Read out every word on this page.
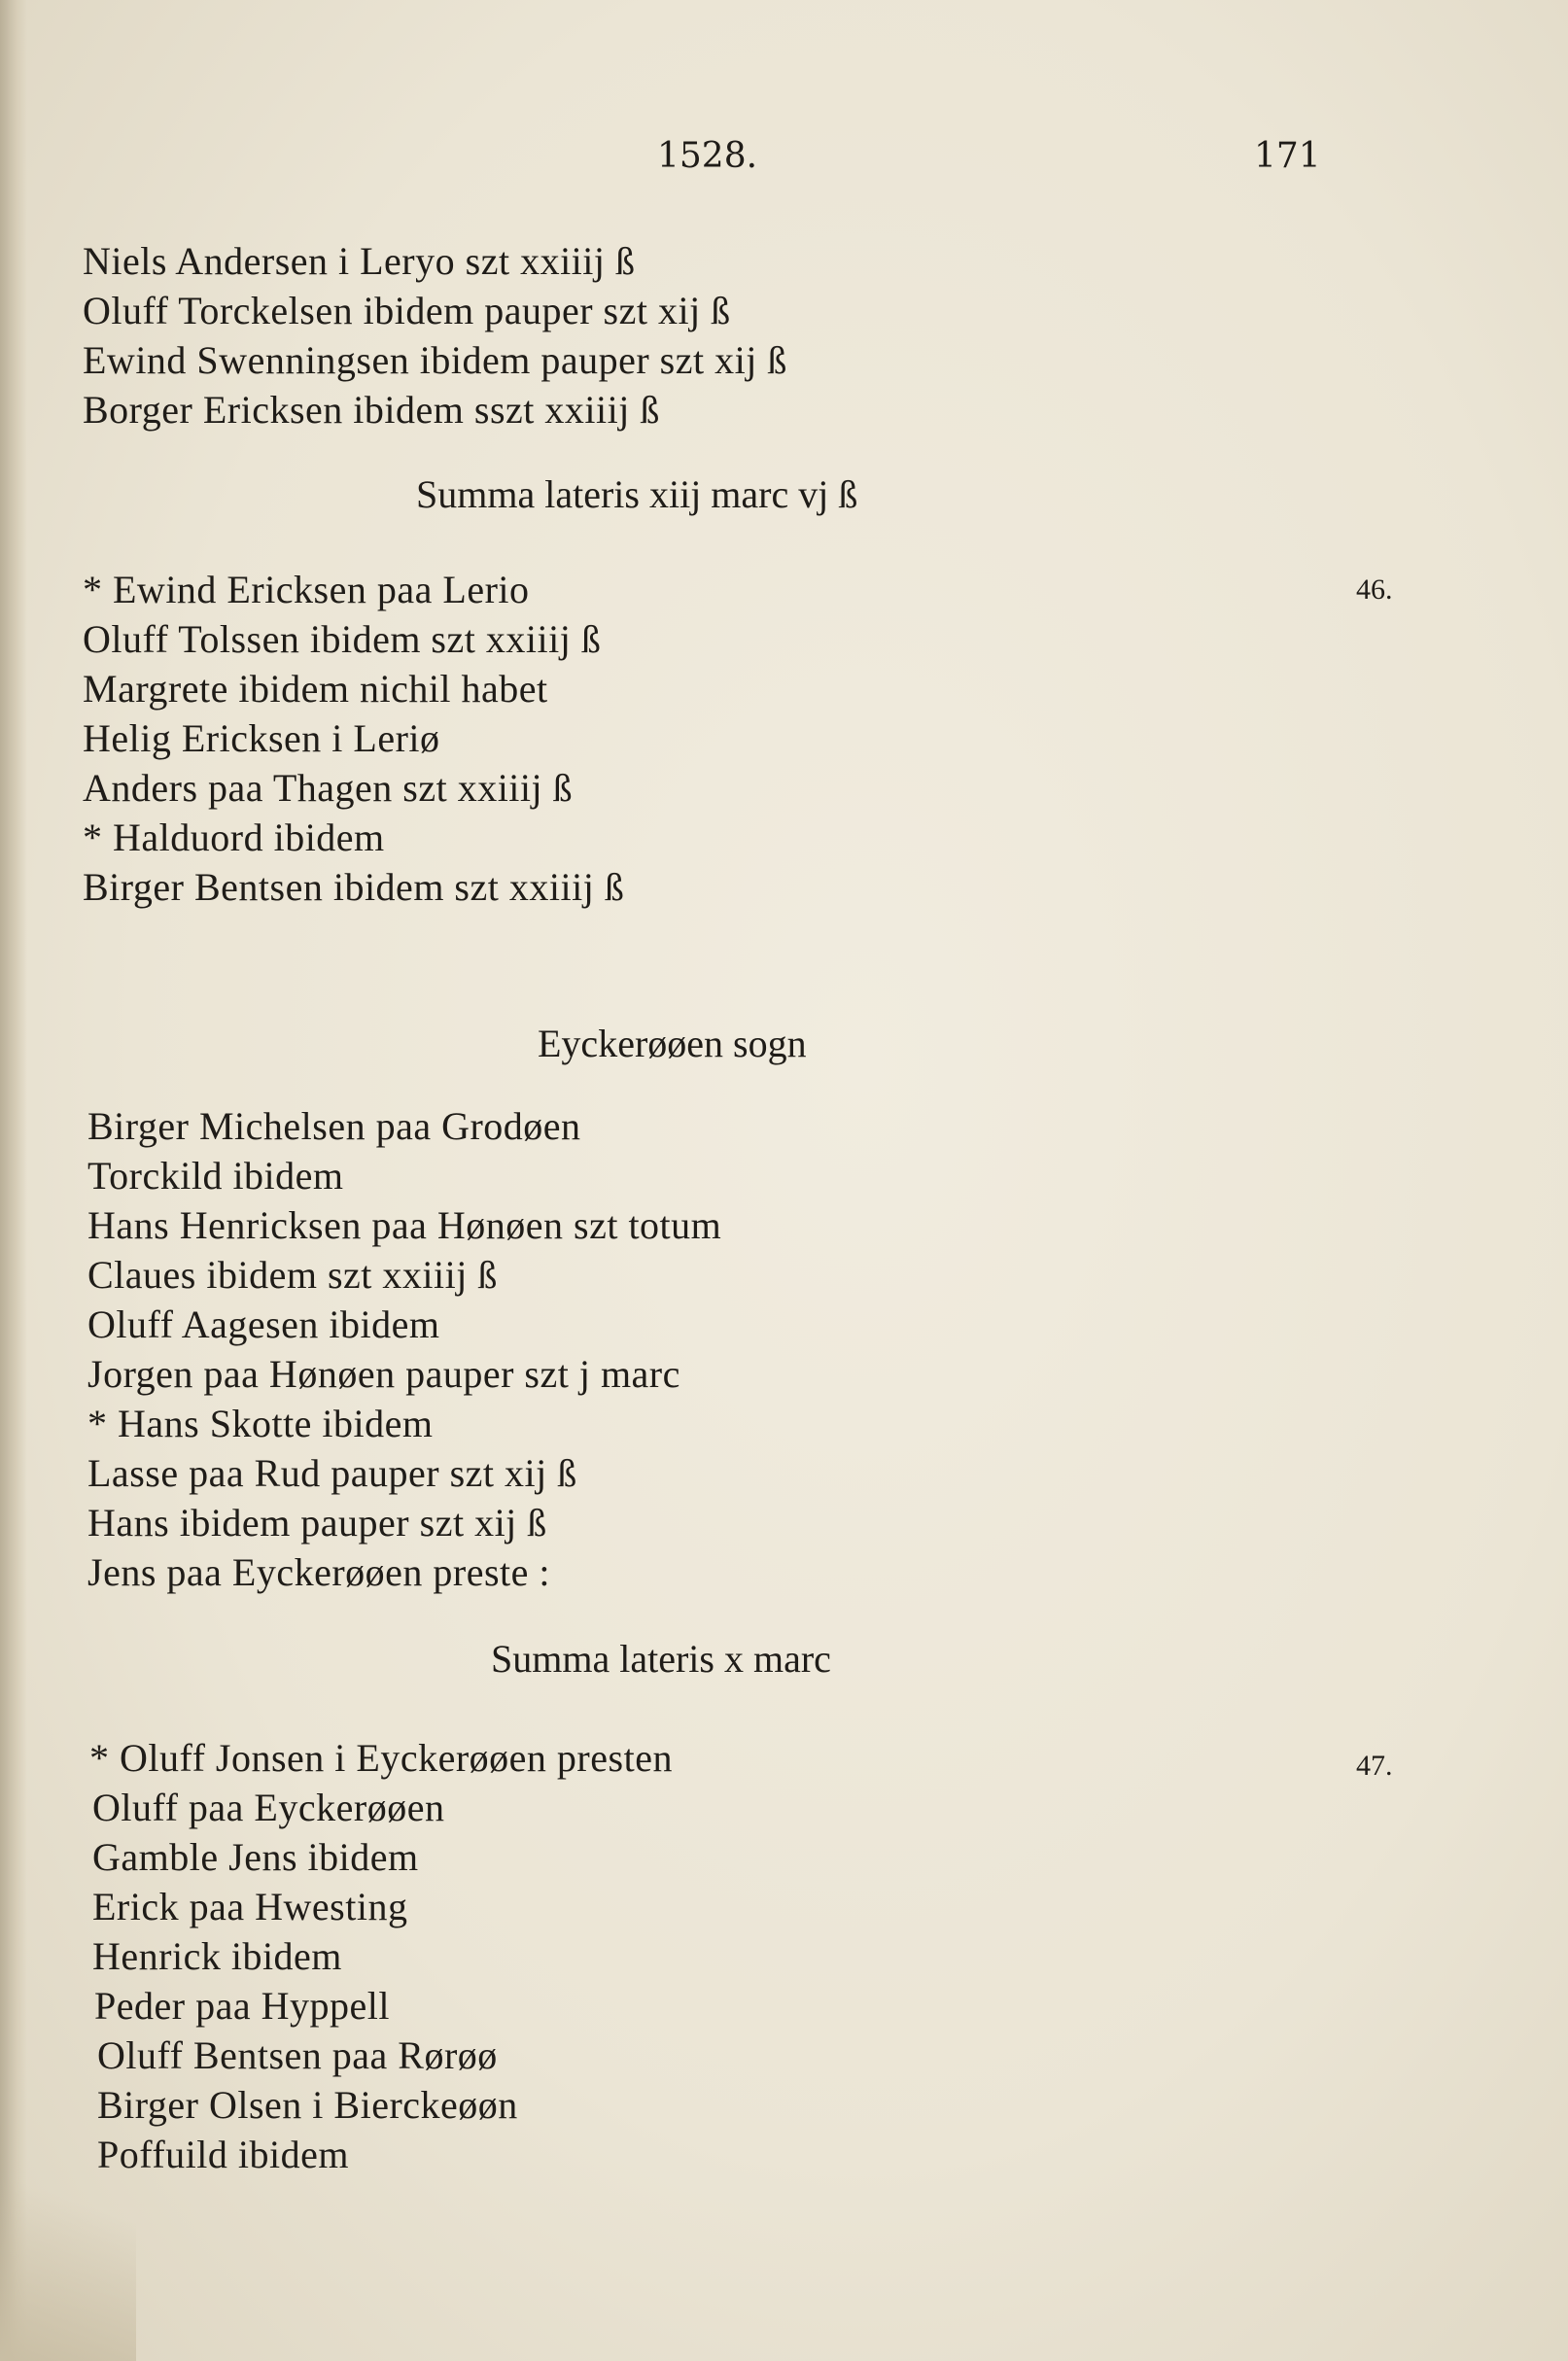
1528.	171
Niels Andersen i Leryo szt xxiiij ß
Oluff Torckelsen ibidem pauper szt xij ß
Ewind Swenningsen ibidem pauper szt xij ß
Borger Ericksen ibidem sszt xxiiij ß
Summa lateris xiij marc vj ß
46.
* Ewind Ericksen paa Lerio
Oluff Tolssen ibidem szt xxiiij ß
Margrete ibidem nichil habet
Helig Ericksen i Leriø
Anders paa Thagen szt xxiiij ß
* Halduord ibidem
Birger Bentsen ibidem szt xxiiij ß
Eyckerøøen sogn
Birger Michelsen paa Grodøen
Torckild ibidem
Hans Henricksen paa Hønøen szt totum
Claues ibidem szt xxiiij ß
Oluff Aagesen ibidem
Jorgen paa Hønøen pauper szt j marc
* Hans Skotte ibidem
Lasse paa Rud pauper szt xij ß
Hans ibidem pauper szt xij ß
Jens paa Eyckerøøen preste :
Summa lateris x marc
47.
* Oluff Jonsen i Eyckerøøen presten
Oluff paa Eyckerøøen
Gamble Jens ibidem
Erick paa Hwesting
Henrick ibidem
Peder paa Hyppell
Oluff Bentsen paa Rørøø
Birger Olsen i Bierckeøøn
Poffuild ibidem
